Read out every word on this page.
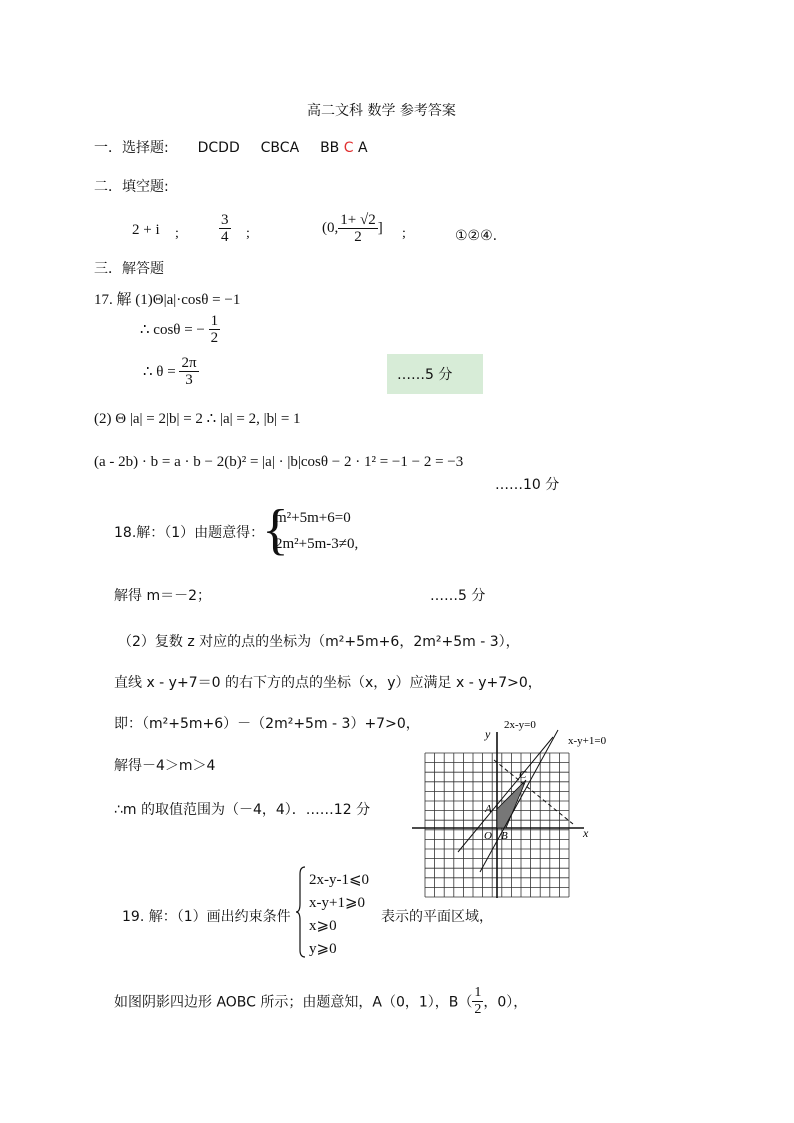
高二文科 数学 参考答案
一．选择题: DCDD CBCA BB C A
二．填空题:
2 + i ;	$\frac{3}{4}$ ;	(0, $\frac{1+ √2}{2}$ ] ;	①②④.
三．解答题
17. 解 (1)Θ|a|·cosθ = −1
∴ cosθ = − $\frac{1}{2}$
∴ $\theta = \frac{2\pi}{3}$	……5 分
(2) Θ |a| = 2|b| = 2 ∴ |a| = 2, |b| = 1
(a - 2b) · b = a · b − 2(b)² = |a| · |b|cosθ − 2 · 1² = −1 − 2 = −3
……10 分
18.解：（1）由题意得：
{
m²+5m+6=0
2m²+5m-3≠0,
解得 m＝－2；	……5 分
（2）复数 z 对应的点的坐标为（m²+5m+6，2m²+5m - 3），
直线 x - y+7＝0 的右下方的点的坐标（x，y）应满足 x - y+7>0，
即：（m²+5m+6）－（2m²+5m - 3）+7>0，
解得－4＞m＞4
∴m 的取值范围为（－4，4）．……12 分
2x-y=0
x-y+1=0
y
x
O
A
B
C
19. 解：（1）画出约束条件
2x-y-1⩽0
x-y+1⩾0
x⩾0
y⩾0
表示的平面区域，
如图阴影四边形 AOBC 所示；由题意知，A（0，1），$B( \frac{1}{2}$ ，0），
